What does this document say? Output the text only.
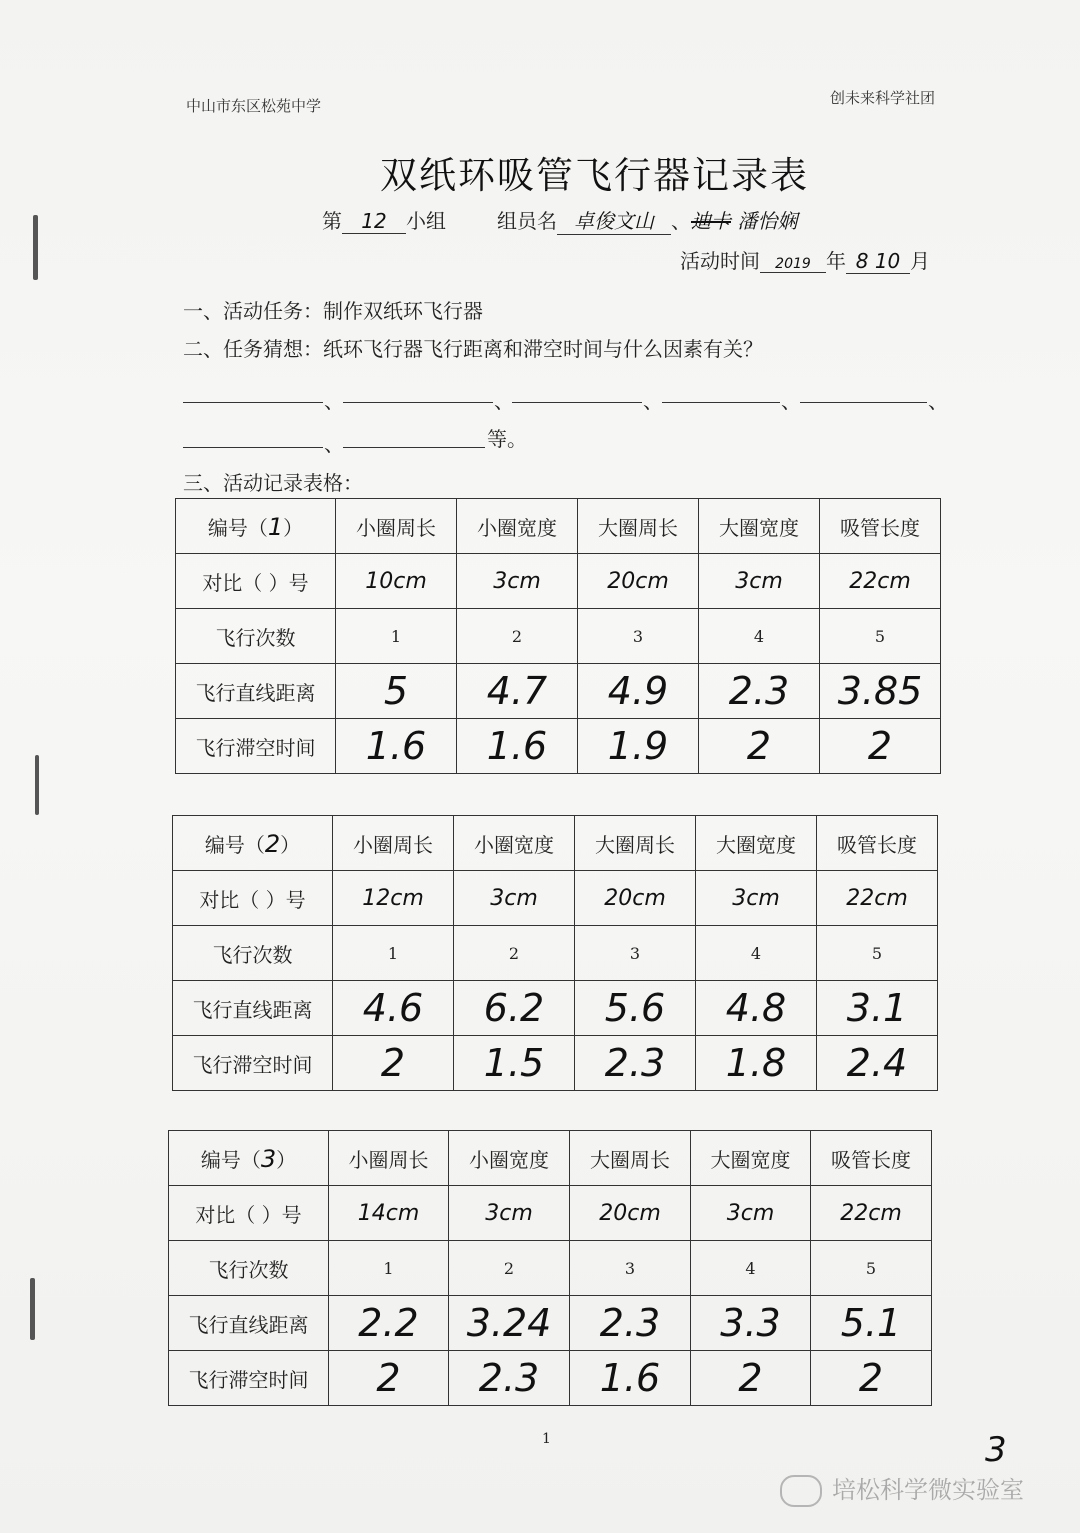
中山市东区松苑中学	创未来科学社团
双纸环吸管飞行器记录表
第 12 小组	组员名 卓俊文山 、迪卡 潘怡娴
活动时间 2019 年 8 10 月
一、活动任务：制作双纸环飞行器
二、任务猜想：纸环飞行器飞行距离和滞空时间与什么因素有关？
、	、	、	、	、
、	等。
三、活动记录表格：
编号（1）	小圈周长	小圈宽度	大圈周长	大圈宽度	吸管长度
对比（ ）号	10cm	3cm	20cm	3cm	22cm
飞行次数	1	2	3	4	5
飞行直线距离	5	4.7	4.9	2.3	3.85
飞行滞空时间	1.6	1.6	1.9	2	2
编号（2）	小圈周长	小圈宽度	大圈周长	大圈宽度	吸管长度
对比（ ）号	12cm	3cm	20cm	3cm	22cm
飞行次数	1	2	3	4	5
飞行直线距离	4.6	6.2	5.6	4.8	3.1
飞行滞空时间	2	1.5	2.3	1.8	2.4
编号（3）	小圈周长	小圈宽度	大圈周长	大圈宽度	吸管长度
对比（ ）号	14cm	3cm	20cm	3cm	22cm
飞行次数	1	2	3	4	5
飞行直线距离	2.2	3.24	2.3	3.3	5.1
飞行滞空时间	2	2.3	1.6	2	2
1	3
培松科学微实验室
